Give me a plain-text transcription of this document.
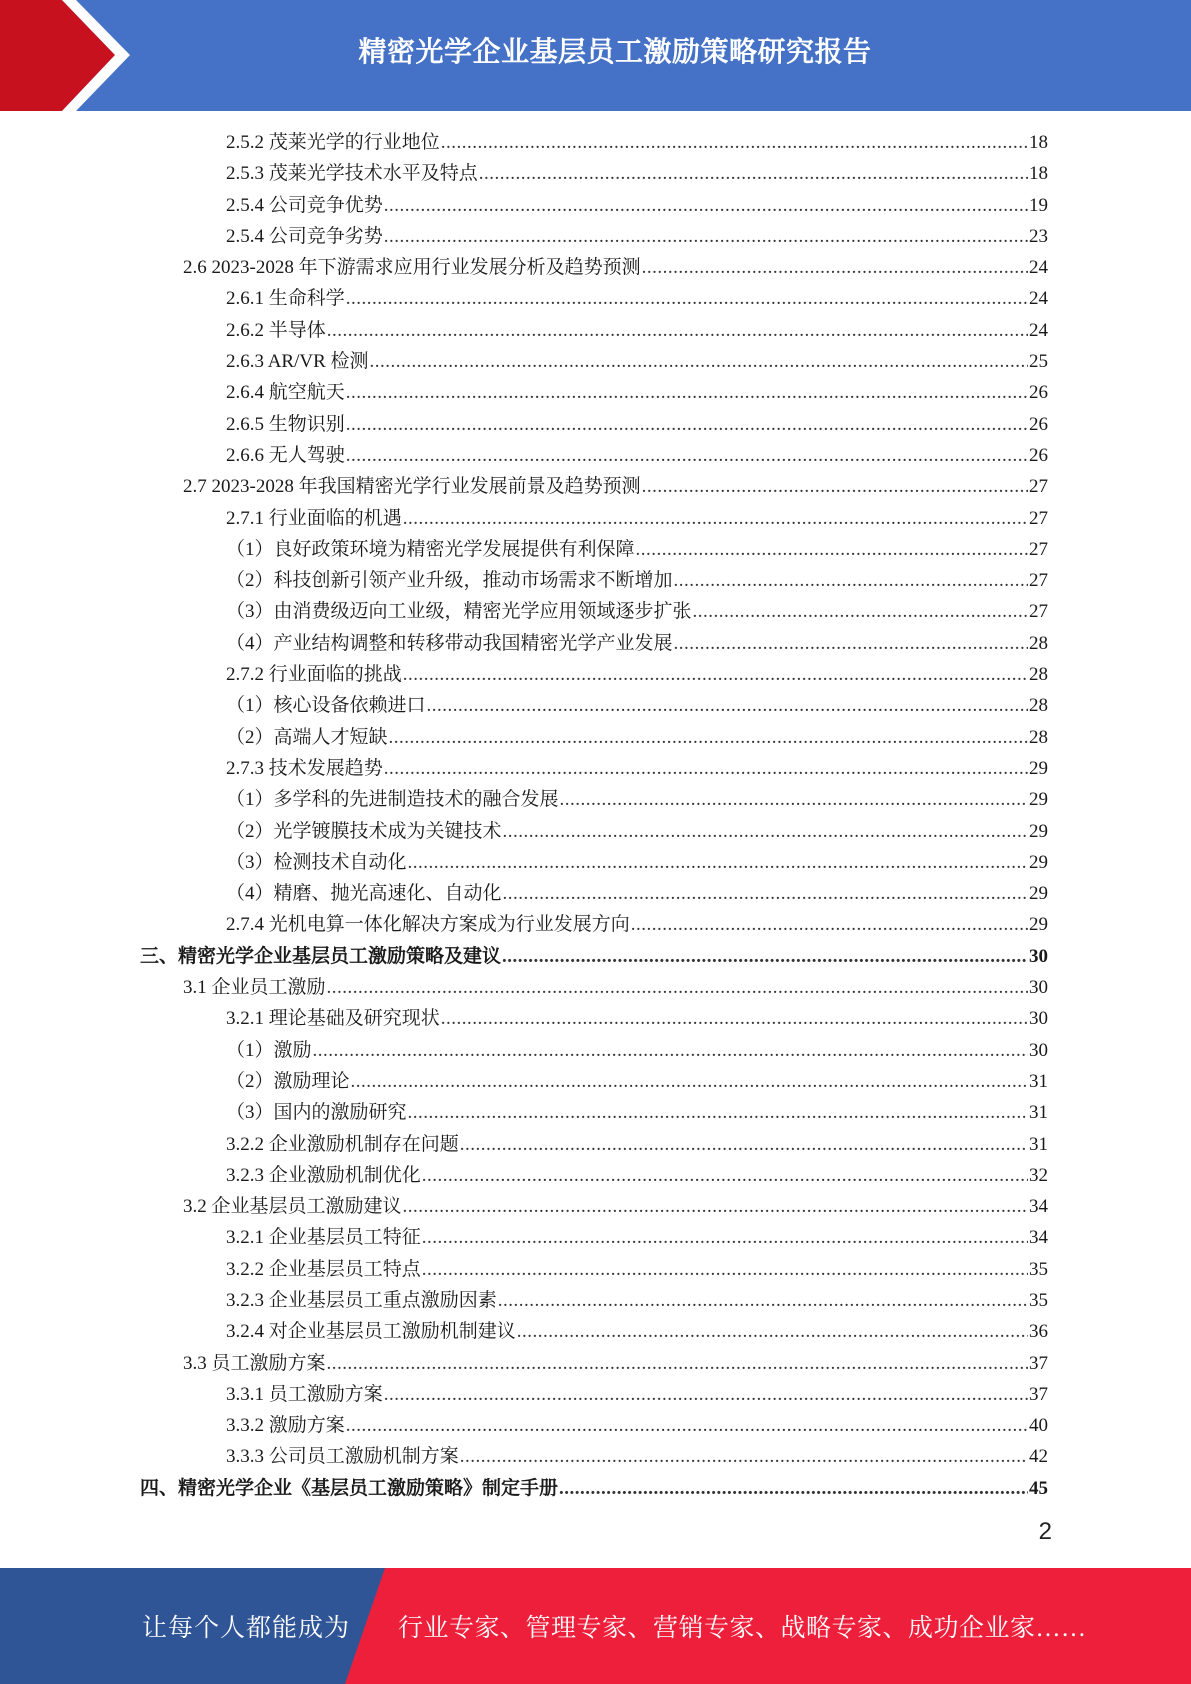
精密光学企业基层员工激励策略研究报告
2.5.2 茂莱光学的行业地位 .....	18
2.5.3 茂莱光学技术水平及特点 .....	18
2.5.4 公司竞争优势 .....	19
2.5.4 公司竞争劣势 .....	23
2.6 2023-2028 年下游需求应用行业发展分析及趋势预测 .....	24
2.6.1 生命科学 .....	24
2.6.2 半导体 .....	24
2.6.3 AR/VR 检测 .....	25
2.6.4 航空航天 .....	26
2.6.5 生物识别 .....	26
2.6.6 无人驾驶 .....	26
2.7 2023-2028 年我国精密光学行业发展前景及趋势预测 .....	27
2.7.1 行业面临的机遇 .....	27
（1）良好政策环境为精密光学发展提供有利保障 .....	27
（2）科技创新引领产业升级，推动市场需求不断增加 .....	27
（3）由消费级迈向工业级，精密光学应用领域逐步扩张 .....	27
（4）产业结构调整和转移带动我国精密光学产业发展 .....	28
2.7.2 行业面临的挑战 .....	28
（1）核心设备依赖进口 .....	28
（2）高端人才短缺 .....	28
2.7.3 技术发展趋势 .....	29
（1）多学科的先进制造技术的融合发展 .....	29
（2）光学镀膜技术成为关键技术 .....	29
（3）检测技术自动化 .....	29
（4）精磨、抛光高速化、自动化 .....	29
2.7.4 光机电算一体化解决方案成为行业发展方向 .....	29
三、精密光学企业基层员工激励策略及建议 .....	30
3.1 企业员工激励 .....	30
3.2.1 理论基础及研究现状 .....	30
（1）激励 .....	30
（2）激励理论 .....	31
（3）国内的激励研究 .....	31
3.2.2 企业激励机制存在问题 .....	31
3.2.3 企业激励机制优化 .....	32
3.2 企业基层员工激励建议 .....	34
3.2.1 企业基层员工特征 .....	34
3.2.2 企业基层员工特点 .....	35
3.2.3 企业基层员工重点激励因素 .....	35
3.2.4 对企业基层员工激励机制建议 .....	36
3.3 员工激励方案 .....	37
3.3.1 员工激励方案 .....	37
3.3.2 激励方案 .....	40
3.3.3 公司员工激励机制方案 .....	42
四、精密光学企业《基层员工激励策略》制定手册 .....	45
2
让每个人都能成为 行业专家、管理专家、营销专家、战略专家、成功企业家……
